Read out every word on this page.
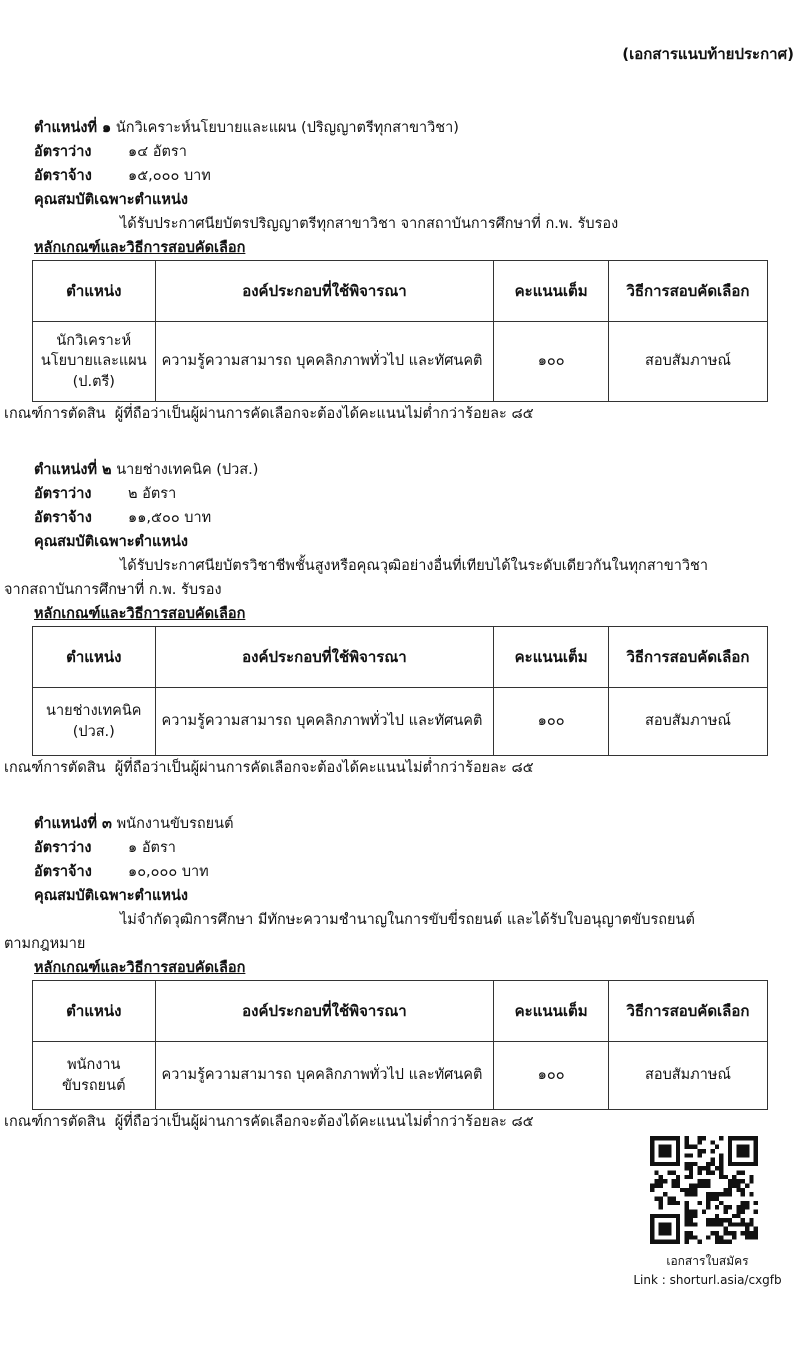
(เอกสารแนบท้ายประกาศ)
ตำแหน่งที่ ๑ นักวิเคราะห์นโยบายและแผน (ปริญญาตรีทุกสาขาวิชา)
อัตราว่าง	๑๔ อัตรา
อัตราจ้าง ๑๕,๐๐๐ บาท
คุณสมบัติเฉพาะตำแหน่ง
ได้รับประกาศนียบัตรปริญญาตรีทุกสาขาวิชา จากสถาบันการศึกษาที่ ก.พ. รับรอง
หลักเกณฑ์และวิธีการสอบคัดเลือก
ตำแหน่ง	องค์ประกอบที่ใช้พิจารณา	คะแนนเต็ม	วิธีการสอบคัดเลือก

นักวิเคราะห์
นโยบายและแผน
(ป.ตรี)	ความรู้ความสามารถ บุคคลิกภาพทั่วไป และทัศนคติ	๑๐๐	สอบสัมภาษณ์
เกณฑ์การตัดสิน ผู้ที่ถือว่าเป็นผู้ผ่านการคัดเลือกจะต้องได้คะแนนไม่ต่ำกว่าร้อยละ ๘๕
ตำแหน่งที่ ๒ นายช่างเทคนิค (ปวส.)
อัตราว่าง	๒ อัตรา
อัตราจ้าง ๑๑,๕๐๐ บาท
คุณสมบัติเฉพาะตำแหน่ง
ได้รับประกาศนียบัตรวิชาชีพชั้นสูงหรือคุณวุฒิอย่างอื่นที่เทียบได้ในระดับเดียวกันในทุกสาขาวิชา
จากสถาบันการศึกษาที่ ก.พ. รับรอง
หลักเกณฑ์และวิธีการสอบคัดเลือก
ตำแหน่ง	องค์ประกอบที่ใช้พิจารณา	คะแนนเต็ม	วิธีการสอบคัดเลือก

นายช่างเทคนิค
(ปวส.)	ความรู้ความสามารถ บุคคลิกภาพทั่วไป และทัศนคติ	๑๐๐	สอบสัมภาษณ์
เกณฑ์การตัดสิน ผู้ที่ถือว่าเป็นผู้ผ่านการคัดเลือกจะต้องได้คะแนนไม่ต่ำกว่าร้อยละ ๘๕
ตำแหน่งที่ ๓ พนักงานขับรถยนต์
อัตราว่าง	๑ อัตรา
อัตราจ้าง ๑๐,๐๐๐ บาท
คุณสมบัติเฉพาะตำแหน่ง
ไม่จำกัดวุฒิการศึกษา มีทักษะความชำนาญในการขับขี่รถยนต์ และได้รับใบอนุญาตขับรถยนต์
ตามกฎหมาย
หลักเกณฑ์และวิธีการสอบคัดเลือก
ตำแหน่ง	องค์ประกอบที่ใช้พิจารณา	คะแนนเต็ม	วิธีการสอบคัดเลือก

พนักงาน
ขับรถยนต์	ความรู้ความสามารถ บุคคลิกภาพทั่วไป และทัศนคติ	๑๐๐	สอบสัมภาษณ์
เกณฑ์การตัดสิน ผู้ที่ถือว่าเป็นผู้ผ่านการคัดเลือกจะต้องได้คะแนนไม่ต่ำกว่าร้อยละ ๘๕
เอกสารใบสมัคร
Link : shorturl.asia/cxgfb
